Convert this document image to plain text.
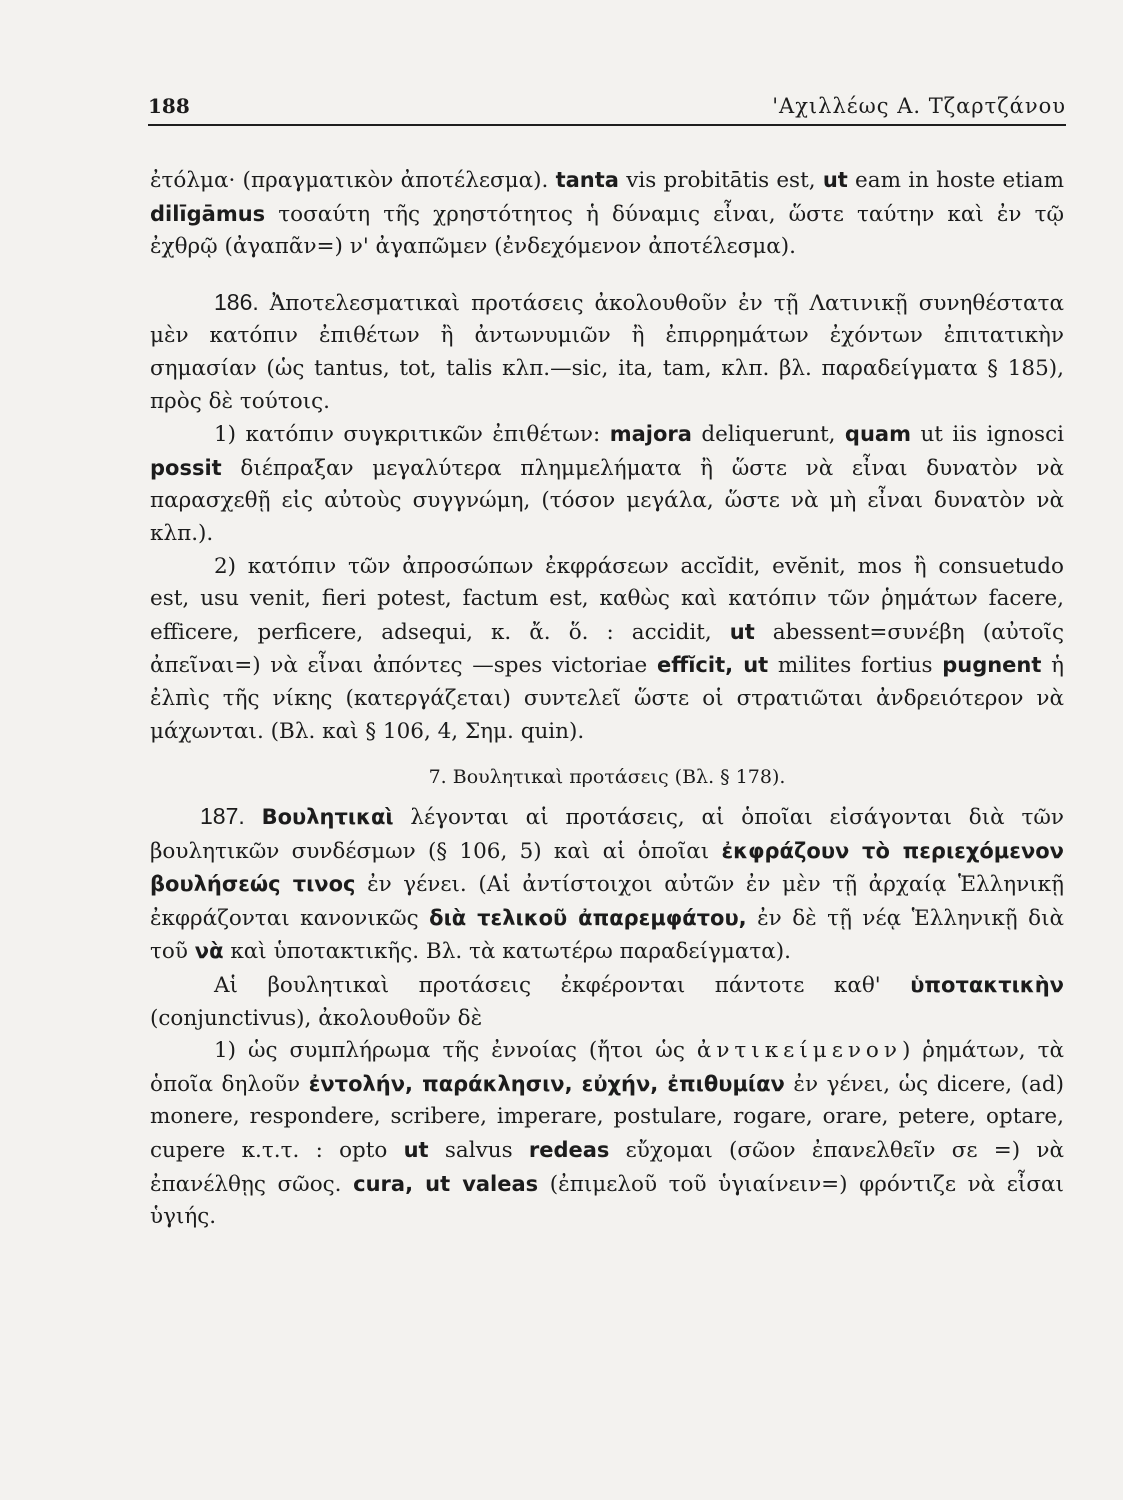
188	'Αχιλλέως Α. Τζαρτζάνου

ἐτόλμα· (πραγματικὸν ἀποτέλεσμα). tanta vis probitātis est, ut eam in hoste etiam dilīgāmus τοσαύτη τῆς χρηστότητος ἡ δύναμις εἶναι, ὥστε ταύτην καὶ ἐν τῷ ἐχθρῷ (ἀγαπᾶν=) ν' ἀγαπῶμεν (ἐνδεχόμενον ἀποτέλεσμα).

186. Ἀποτελεσματικαὶ προτάσεις ἀκολουθοῦν ἐν τῇ Λατινικῇ συνηθέστατα μὲν κατόπιν ἐπιθέτων ἢ ἀντωνυμιῶν ἢ ἐπιρρημάτων ἐχόντων ἐπιτατικὴν σημασίαν (ὡς tantus, tot, talis κλπ.—sic, ita, tam, κλπ. βλ. παραδείγματα § 185), πρὸς δὲ τούτοις.

1) κατόπιν συγκριτικῶν ἐπιθέτων: majora deliquerunt, quam ut iis ignosci possit διέπραξαν μεγαλύτερα πλημμελήματα ἢ ὥστε νὰ εἶναι δυνατὸν νὰ παρασχεθῇ εἰς αὐτοὺς συγγνώμη, (τόσον μεγάλα, ὥστε νὰ μὴ εἶναι δυνατὸν νὰ κλπ.).

2) κατόπιν τῶν ἀπροσώπων ἐκφράσεων accĭdit, evĕnit, mos ἢ consuetudo est, usu venit, fieri potest, factum est, καθὼς καὶ κατόπιν τῶν ῥημάτων facere, efficere, perficere, adsequi, κ. ἄ. ὅ. : accidit, ut abessent=συνέβη (αὐτοῖς ἀπεῖναι=) νὰ εἶναι ἀπόντες —spes victoriae effĭcit, ut milites fortius pugnent ἡ ἐλπὶς τῆς νίκης (κατεργάζεται) συντελεῖ ὥστε οἱ στρατιῶται ἀνδρειότερον νὰ μάχωνται. (Βλ. καὶ § 106, 4, Σημ. quin).

7. Βουλητικαὶ προτάσεις (Βλ. § 178).

187. Βουλητικαὶ λέγονται αἱ προτάσεις, αἱ ὁποῖαι εἰσάγονται διὰ τῶν βουλητικῶν συνδέσμων (§ 106, 5) καὶ αἱ ὁποῖαι ἐκφράζουν τὸ περιεχόμενον βουλήσεώς τινος ἐν γένει. (Αἱ ἀντίστοιχοι αὐτῶν ἐν μὲν τῇ ἀρχαίᾳ Ἑλληνικῇ ἐκφράζονται κανονικῶς διὰ τελικοῦ ἀπαρεμφάτου, ἐν δὲ τῇ νέᾳ Ἑλληνικῇ διὰ τοῦ νὰ καὶ ὑποτακτικῆς. Βλ. τὰ κατωτέρω παραδείγματα).

Αἱ βουλητικαὶ προτάσεις ἐκφέρονται πάντοτε καθ' ὑποτακτικὴν (conjunctivus), ἀκολουθοῦν δὲ

1) ὡς συμπλήρωμα τῆς ἐννοίας (ἤτοι ὡς ἀντικείμενον) ῥημάτων, τὰ ὁποῖα δηλοῦν ἐντολήν, παράκλησιν, εὐχήν, ἐπιθυμίαν ἐν γένει, ὡς dicere, (ad) monere, respondere, scribere, imperare, postulare, rogare, orare, petere, optare, cupere κ.τ.τ. : opto ut salvus redeas εὔχομαι (σῶον ἐπανελθεῖν σε =) νὰ ἐπανέλθῃς σῶος. cura, ut valeas (ἐπιμελοῦ τοῦ ὑγιαίνειν=) φρόντιζε νὰ εἶσαι ὑγιής.
